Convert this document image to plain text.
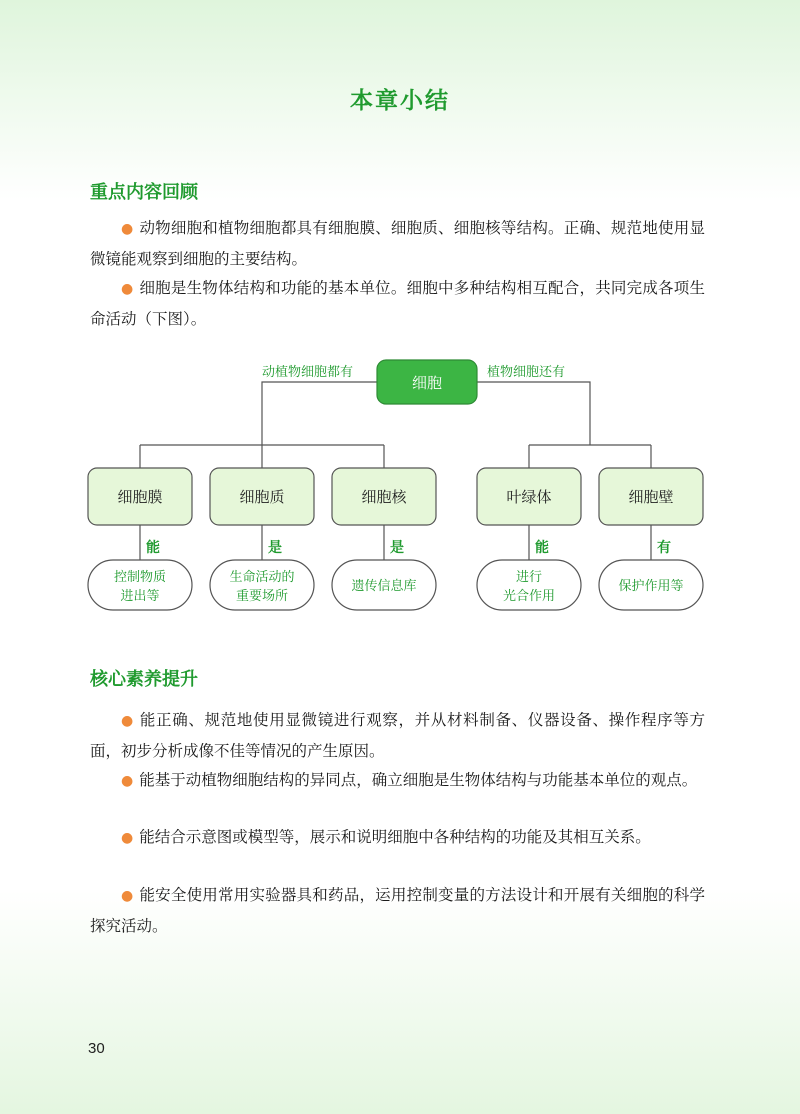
本章小结
重点内容回顾
● 动物细胞和植物细胞都具有细胞膜、细胞质、细胞核等结构。正确、规范地使用显微镜能观察到细胞的主要结构。
● 细胞是生物体结构和功能的基本单位。细胞中多种结构相互配合，共同完成各项生命活动（下图）。
细胞
动植物细胞都有	植物细胞还有
细胞膜	细胞质	细胞核	叶绿体	细胞壁
能	是	是	能	有
控制物质
进出等
生命活动的
重要场所
遗传信息库
进行
光合作用
保护作用等
核心素养提升
● 能正确、规范地使用显微镜进行观察，并从材料制备、仪器设备、操作程序等方面，初步分析成像不佳等情况的产生原因。
● 能基于动植物细胞结构的异同点，确立细胞是生物体结构与功能基本单位的观点。
● 能结合示意图或模型等，展示和说明细胞中各种结构的功能及其相互关系。
● 能安全使用常用实验器具和药品，运用控制变量的方法设计和开展有关细胞的科学探究活动。
30
